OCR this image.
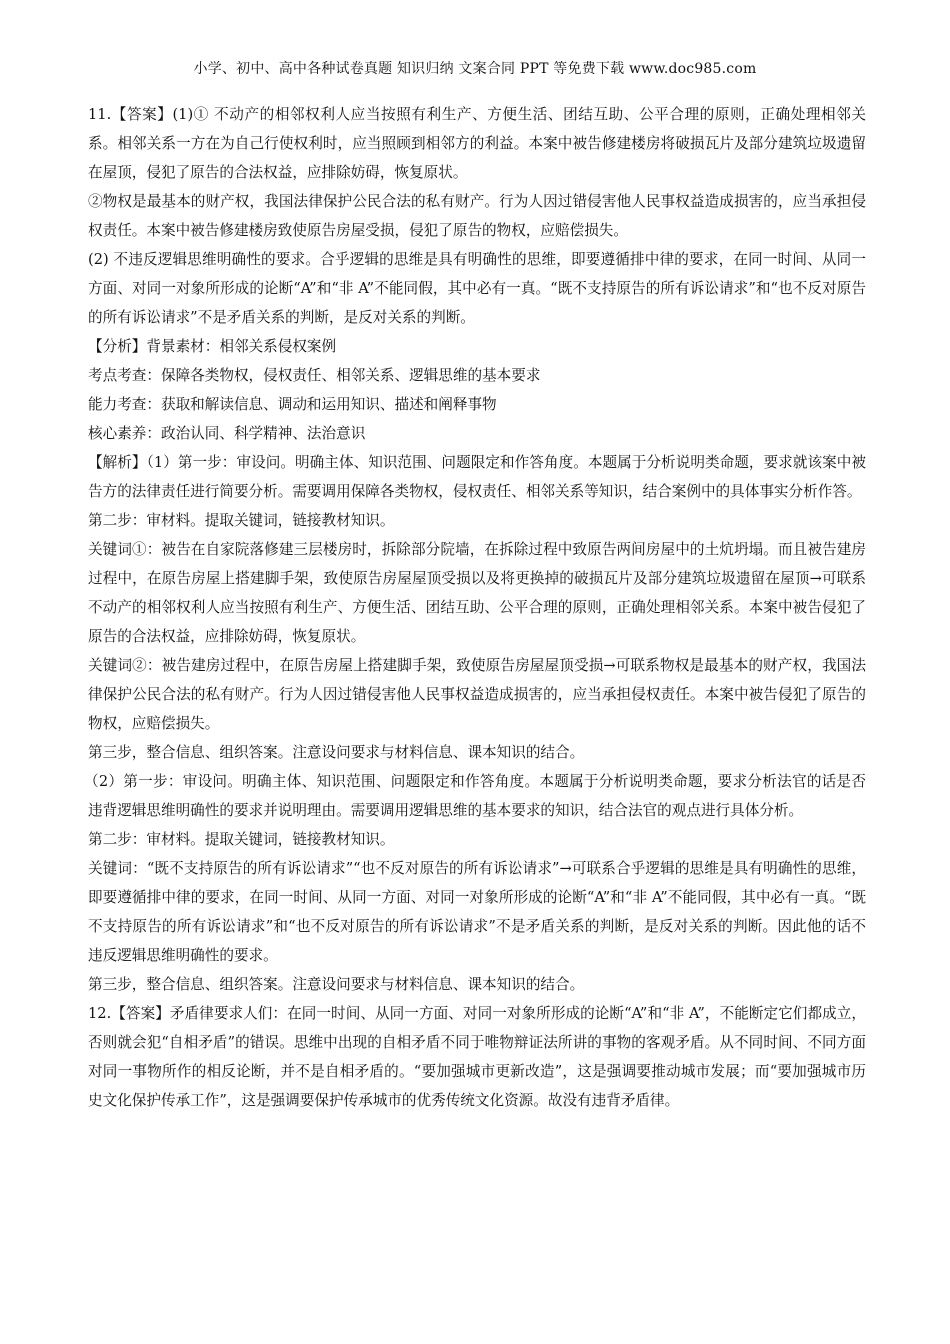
小学、初中、高中各种试卷真题 知识归纳 文案合同 PPT 等免费下载 www.doc985.com

11.【答案】(1)① 不动产的相邻权利人应当按照有利生产、方便生活、团结互助、公平合理的原则，正确处理相邻关系。相邻关系一方在为自己行使权利时，应当照顾到相邻方的利益。本案中被告修建楼房将破损瓦片及部分建筑垃圾遗留在屋顶，侵犯了原告的合法权益，应排除妨碍，恢复原状。

②物权是最基本的财产权，我国法律保护公民合法的私有财产。行为人因过错侵害他人民事权益造成损害的，应当承担侵权责任。本案中被告修建楼房致使原告房屋受损，侵犯了原告的物权，应赔偿损失。

(2) 不违反逻辑思维明确性的要求。合乎逻辑的思维是具有明确性的思维，即要遵循排中律的要求，在同一时间、从同一方面、对同一对象所形成的论断“A”和“非 A”不能同假，其中必有一真。“既不支持原告的所有诉讼请求”和“也不反对原告的所有诉讼请求”不是矛盾关系的判断，是反对关系的判断。

【分析】背景素材：相邻关系侵权案例

考点考查：保障各类物权，侵权责任、相邻关系、逻辑思维的基本要求

能力考查：获取和解读信息、调动和运用知识、描述和阐释事物

核心素养：政治认同、科学精神、法治意识

【解析】（1）第一步：审设问。明确主体、知识范围、问题限定和作答角度。本题属于分析说明类命题，要求就该案中被告方的法律责任进行简要分析。需要调用保障各类物权，侵权责任、相邻关系等知识，结合案例中的具体事实分析作答。

第二步：审材料。提取关键词，链接教材知识。

关键词①：被告在自家院落修建三层楼房时，拆除部分院墙，在拆除过程中致原告两间房屋中的土炕坍塌。而且被告建房过程中，在原告房屋上搭建脚手架，致使原告房屋屋顶受损以及将更换掉的破损瓦片及部分建筑垃圾遗留在屋顶→可联系不动产的相邻权利人应当按照有利生产、方便生活、团结互助、公平合理的原则，正确处理相邻关系。本案中被告侵犯了原告的合法权益，应排除妨碍，恢复原状。

关键词②：被告建房过程中，在原告房屋上搭建脚手架，致使原告房屋屋顶受损→可联系物权是最基本的财产权，我国法律保护公民合法的私有财产。行为人因过错侵害他人民事权益造成损害的，应当承担侵权责任。本案中被告侵犯了原告的物权，应赔偿损失。

第三步，整合信息、组织答案。注意设问要求与材料信息、课本知识的结合。

（2）第一步：审设问。明确主体、知识范围、问题限定和作答角度。本题属于分析说明类命题，要求分析法官的话是否违背逻辑思维明确性的要求并说明理由。需要调用逻辑思维的基本要求的知识，结合法官的观点进行具体分析。

第二步：审材料。提取关键词，链接教材知识。

关键词：“既不支持原告的所有诉讼请求”“也不反对原告的所有诉讼请求”→可联系合乎逻辑的思维是具有明确性的思维，即要遵循排中律的要求，在同一时间、从同一方面、对同一对象所形成的论断“A”和“非 A”不能同假，其中必有一真。“既不支持原告的所有诉讼请求”和“也不反对原告的所有诉讼请求”不是矛盾关系的判断，是反对关系的判断。因此他的话不违反逻辑思维明确性的要求。

第三步，整合信息、组织答案。注意设问要求与材料信息、课本知识的结合。

12.【答案】矛盾律要求人们：在同一时间、从同一方面、对同一对象所形成的论断“A”和“非 A”，不能断定它们都成立，否则就会犯“自相矛盾”的错误。思维中出现的自相矛盾不同于唯物辩证法所讲的事物的客观矛盾。从不同时间、不同方面对同一事物所作的相反论断，并不是自相矛盾的。“要加强城市更新改造”，这是强调要推动城市发展；而“要加强城市历史文化保护传承工作”，这是强调要保护传承城市的优秀传统文化资源。故没有违背矛盾律。
